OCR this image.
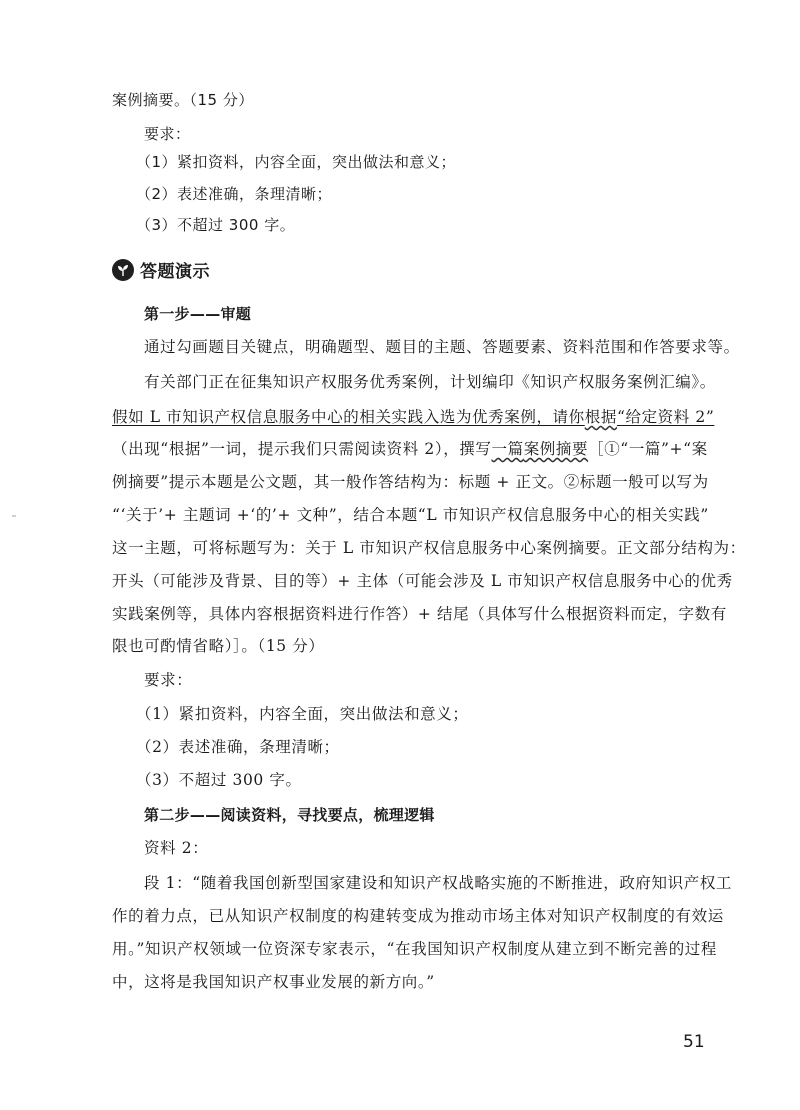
案例摘要。（15 分）
要求：
（1）紧扣资料，内容全面，突出做法和意义；
（2）表述准确，条理清晰；
（3）不超过 300 字。
答题演示
第一步——审题
通过勾画题目关键点，明确题型、题目的主题、答题要素、资料范围和作答要求等。
有关部门正在征集知识产权服务优秀案例，计划编印《知识产权服务案例汇编》。
假如 L 市知识产权信息服务中心的相关实践入选为优秀案例，请你根据“给定资料 2”
（出现“根据”一词，提示我们只需阅读资料 2），撰写一篇案例摘要［①“一篇”+“案
例摘要”提示本题是公文题，其一般作答结构为：标题 + 正文。②标题一般可以写为
“‘关于’+ 主题词 +‘的’+ 文种”，结合本题“L 市知识产权信息服务中心的相关实践”
这一主题，可将标题写为：关于 L 市知识产权信息服务中心案例摘要。正文部分结构为：
开头（可能涉及背景、目的等）+ 主体（可能会涉及 L 市知识产权信息服务中心的优秀
实践案例等，具体内容根据资料进行作答）+ 结尾（具体写什么根据资料而定，字数有
限也可酌情省略）］。（15 分）
要求：
（1）紧扣资料，内容全面，突出做法和意义；
（2）表述准确，条理清晰；
（3）不超过 300 字。
第二步——阅读资料，寻找要点，梳理逻辑
资料 2：
段 1：“随着我国创新型国家建设和知识产权战略实施的不断推进，政府知识产权工
作的着力点，已从知识产权制度的构建转变成为推动市场主体对知识产权制度的有效运
用。”知识产权领域一位资深专家表示，“在我国知识产权制度从建立到不断完善的过程
中，这将是我国知识产权事业发展的新方向。”
51
